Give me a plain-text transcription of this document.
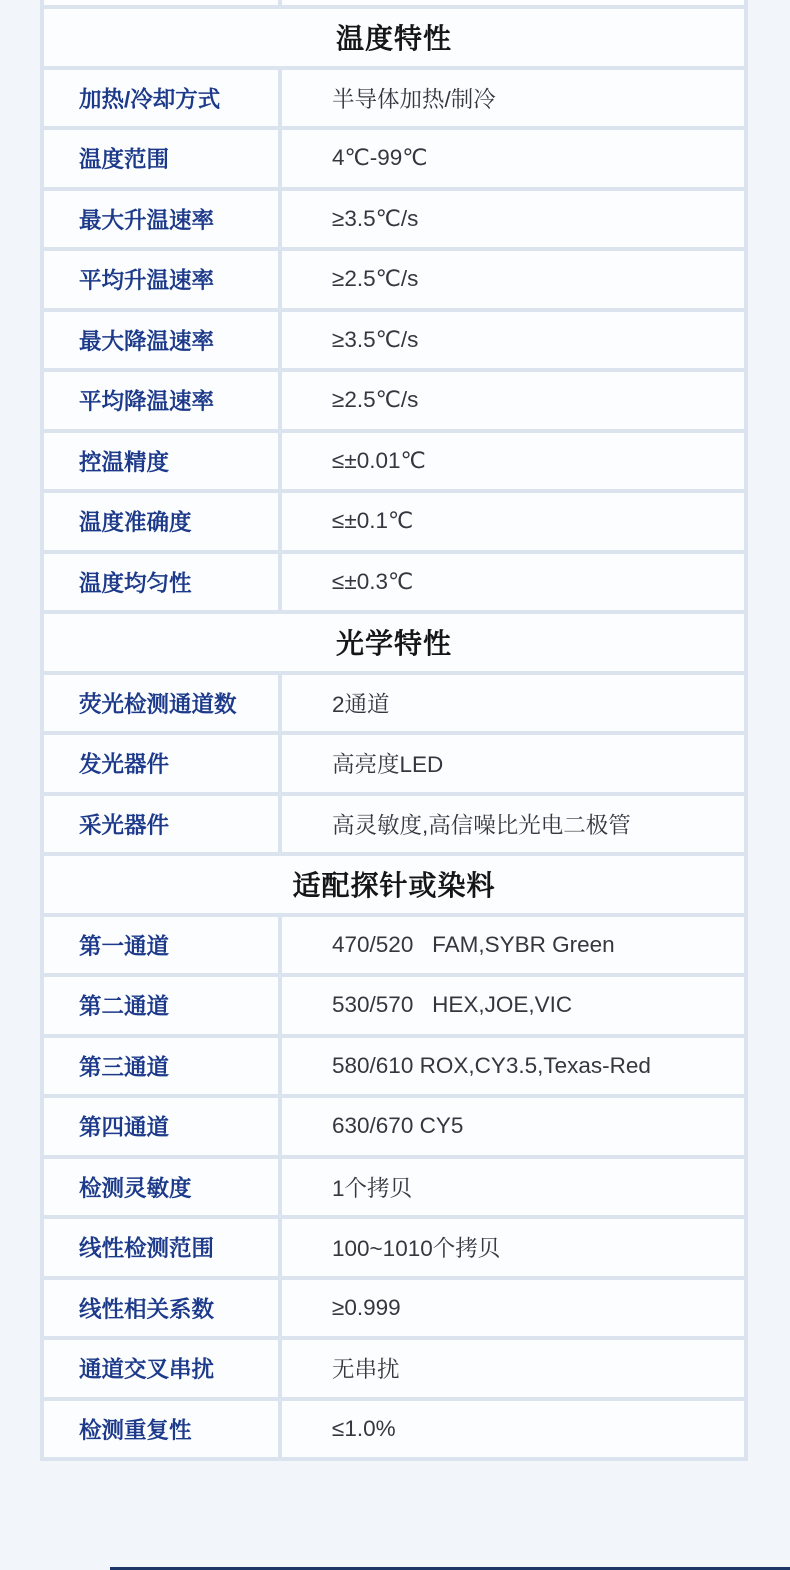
温度特性
加热/冷却方式	半导体加热/制冷
温度范围	4℃-99℃
最大升温速率	≥3.5℃/s
平均升温速率	≥2.5℃/s
最大降温速率	≥3.5℃/s
平均降温速率	≥2.5℃/s
控温精度	≤±0.01℃
温度准确度	≤±0.1℃
温度均匀性	≤±0.3℃
光学特性
荧光检测通道数	2通道
发光器件	高亮度LED
采光器件	高灵敏度,高信噪比光电二极管
适配探针或染料
第一通道	470/520   FAM,SYBR Green
第二通道	530/570   HEX,JOE,VIC
第三通道	580/610 ROX,CY3.5,Texas-Red
第四通道	630/670 CY5
检测灵敏度	1个拷贝
线性检测范围	100~1010个拷贝
线性相关系数	≥0.999
通道交叉串扰	无串扰
检测重复性	≤1.0%
